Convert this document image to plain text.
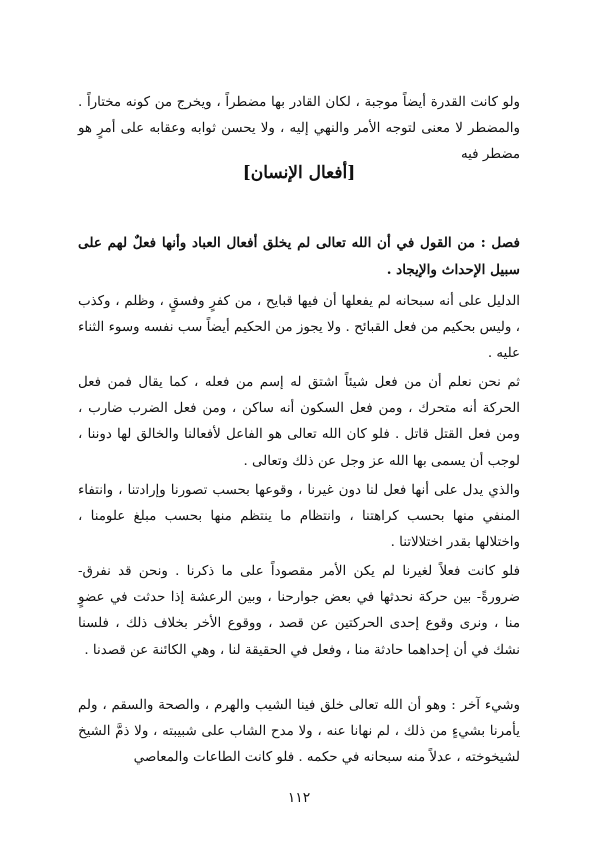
ولو كانت القدرة أيضاً موجبة ، لكان القادر بها مضطراً ، ويخرج من كونه مختاراً . والمضطر لا معنى لتوجه الأمر والنهي إليه ، ولا يحسن ثوابه وعقابه على أمرٍ هو مضطر فيه

[أفعال الإنسان]

فصل : من القول في أن الله تعالى لم يخلق أفعال العباد وأنها فعلٌ لهم على سبيل الإحداث والإيجاد .

الدليل على أنه سبحانه لم يفعلها أن فيها قبايح ، من كفرٍ وفسقٍ ، وظلم ، وكذب ، وليس بحكيم من فعل القبائح . ولا يجوز من الحكيم أيضاً سب نفسه وسوء الثناء عليه .

ثم نحن نعلم أن من فعل شيئاً اشتق له إسم من فعله ، كما يقال فمن فعل الحركة أنه متحرك ، ومن فعل السكون أنه ساكن ، ومن فعل الضرب ضارب ، ومن فعل القتل قاتل . فلو كان الله تعالى هو الفاعل لأفعالنا والخالق لها دوننا ، لوجب أن يسمى بها الله عز وجل عن ذلك وتعالى .

والذي يدل على أنها فعل لنا دون غيرنا ، وقوعها بحسب تصورنا وإرادتنا ، وانتفاء المنفي منها بحسب كراهتنا ، وانتظام ما ينتظم منها بحسب مبلغ علومنا ، واختلالها بقدر اختلالاتنا .

فلو كانت فعلاً لغيرنا لم يكن الأمر مقصوداً على ما ذكرنا . ونحن قد نفرق- ضرورةً- بين حركة نحدثها في بعض جوارحنا ، وبين الرعشة إذا حدثت في عضوٍ منا ، ونرى وقوع إحدى الحركتين عن قصد ، ووقوع الأخر بخلاف ذلك ، فلسنا نشك في أن إحداهما حادثة منا ، وفعل في الحقيقة لنا ، وهي الكائنة عن قصدنا .

وشيء آخر : وهو أن الله تعالى خلق فينا الشيب والهرم ، والصحة والسقم ، ولم يأمرنا بشيءٍ من ذلك ، لم نهانا عنه ، ولا مدح الشاب على شبيبته ، ولا ذمَّ الشيخ لشيخوخته ، عدلاً منه سبحانه في حكمه . فلو كانت الطاعات والمعاصي

١١٢
